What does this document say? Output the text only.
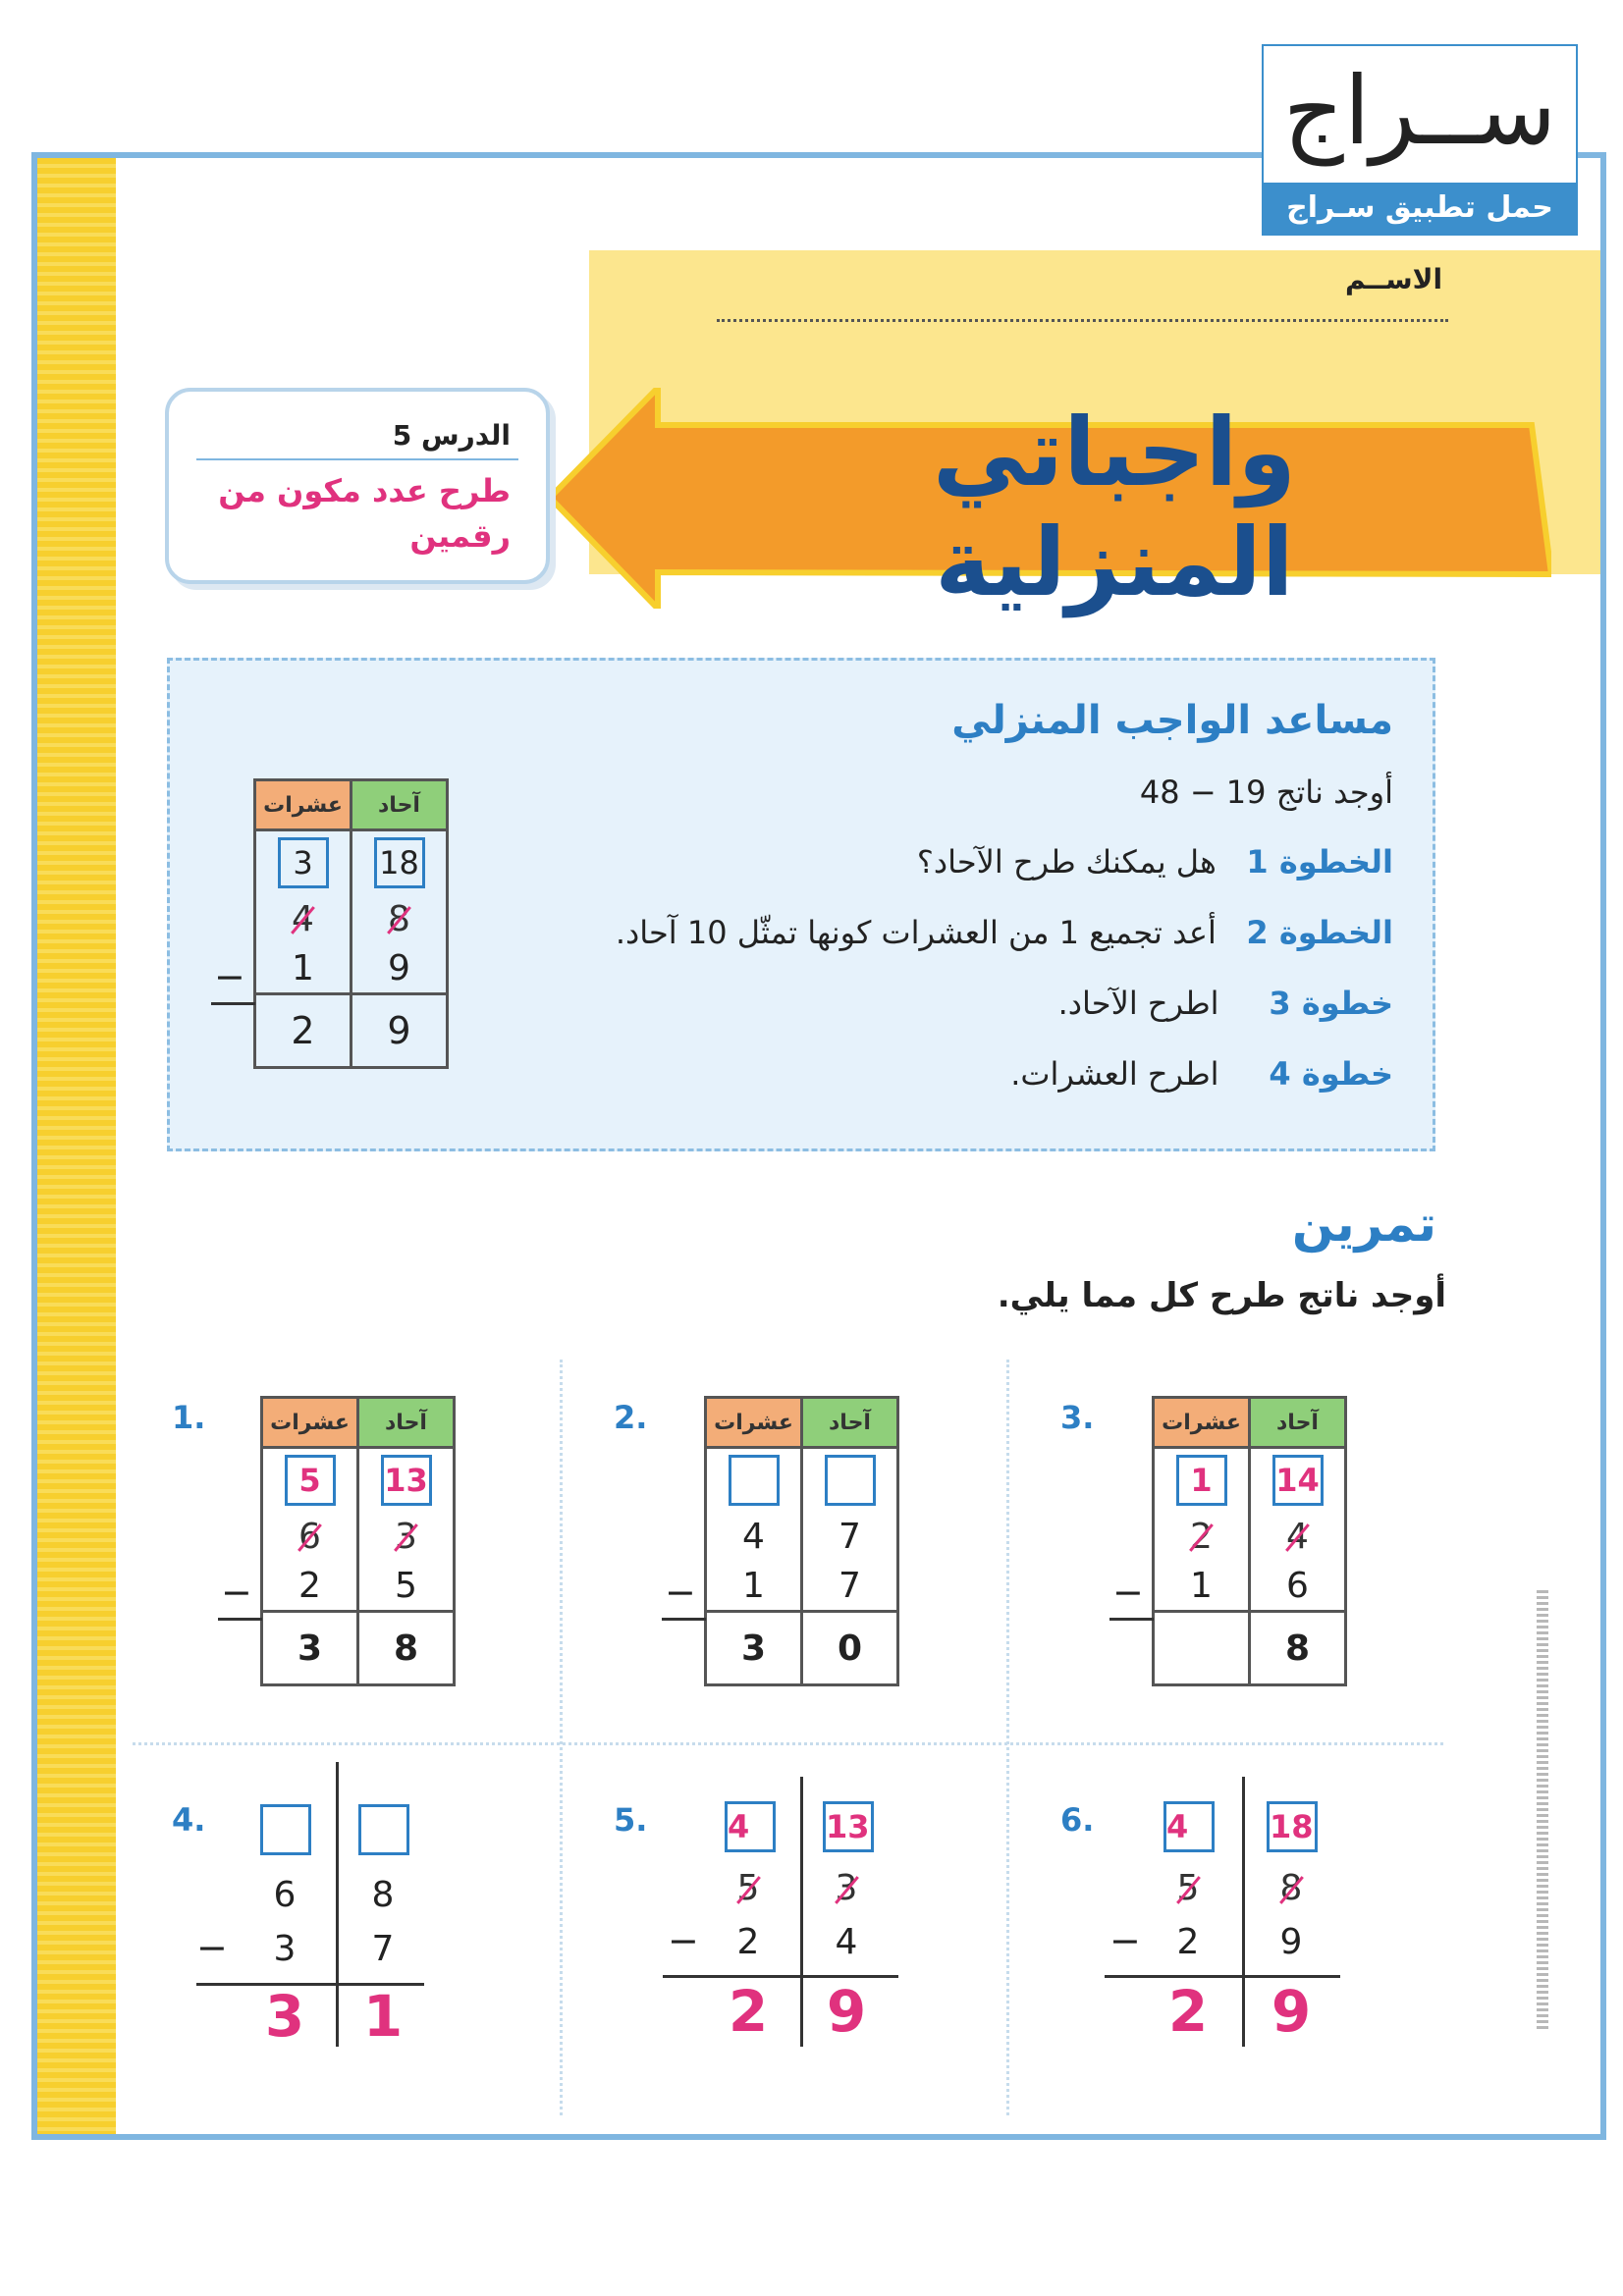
ســراج
حمل تطبيق سـراج
الاســم
واجباتي المنزلية
الدرس 5
طرح عدد مكون من رقمين
مساعد الواجب المنزلي
أوجد ناتج 19 − 48
الخطوة 1   هل يمكنك طرح الآحاد؟
الخطوة 2   أعد تجميع 1 من العشرات كونها تمثّل 10 آحاد.
خطوة 3     اطرح الآحاد.
خطوة 4     اطرح العشرات.
عشرات	آحاد
3	18
4	8
1	9
2	9
−
تمرين
أوجد ناتج طرح كل مما يلي.
1.	عشرات	آحاد
5	13
6	3
2	5
3	8
−
2.	عشرات	آحاد

4	7
1	7
3	0
−
3.	عشرات	آحاد
1	14
2	4
1	6
	8
−
4.
6	8
−	3	7
3	1
5.	4	13
5	3
−	2	4
2	9
6. 4	18
5	8
−	2	9
2	9
